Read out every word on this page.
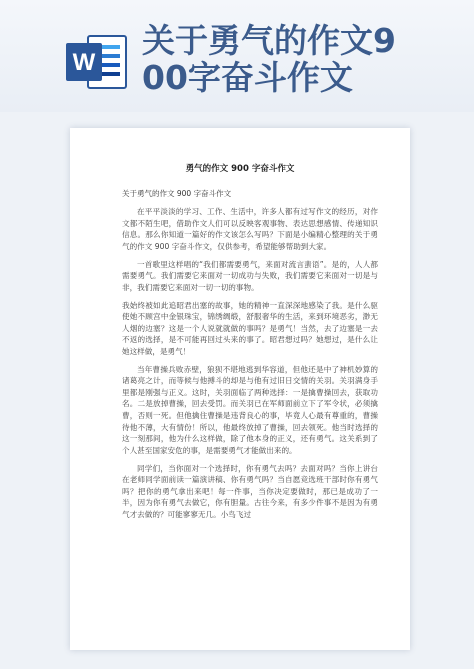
W
关于勇气的作文9
00字奋斗作文
勇气的作文 900 字奋斗作文
关于勇气的作文 900 字奋斗作文

在平平淡淡的学习、工作、生活中，许多人都有过写作文的经历，对作文都不陌生吧，借助作文人们可以反映客观事物、表达思想感情、传递知识信息。那么你知道一篇好的作文该怎么写吗？下面是小编精心整理的关于勇气的作文 900 字奋斗作文，仅供参考，希望能够帮助到大家。

一首歌里这样唱的“我们都需要勇气，来面对流言蜚语”。是的，人人都需要勇气。我们需要它来面对一切成功与失败，我们需要它来面对一切是与非，我们需要它来面对一切一切的事物。

我始终被如此追昭君出塞的故事，她的精神一直深深地感染了我。是什么驱使她不顾宫中金银珠宝，锦绣绸缎，舒服奢华的生活，来到环境恶劣，渺无人烟的边塞？这是一个人说就就做的事吗？是勇气！当然，去了边塞是一去不返的选择，是不可能再回过头来的事了。昭君想过吗？她想过，是什么让她这样做，是勇气！

当年曹操兵败赤壁，狼狈不堪地逃到华容道，但他还是中了神机妙算的诸葛亮之计，而等候与他搏斗的却是与他有过旧日交情的关羽。关羽满身手里都是刚强与正义。这时，关羽面临了两种选择：一是擒曹操回去，获取功名。二是放掉曹操，回去受罚。而关羽已在军师面前立下了军令状，必须擒曹，否则一死。但他擒住曹操是违背良心的事，毕竟人心最有尊重的，曹操待他不薄，大有情份！所以，他最终放掉了曹操，回去领死。他当时选择的这一刻那间，他为什么这样做，除了他本身的正义，还有勇气。这关系到了个人甚至国家安危的事，是需要勇气才能做出来的。

同学们，当你面对一个选择时，你有勇气去吗？去面对吗？当你上讲台在老师同学面前读一篇演讲稿、你有勇气吗？当自愿竞选班干部时你有勇气吗？把你的勇气拿出来吧！每一件事，当你决定要做时，那已是成功了一半，因为你有勇气去做它，你有胆量。古往今来，有多少件事不是因为有勇气才去做的？可能寥寥无几。小鸟飞过
